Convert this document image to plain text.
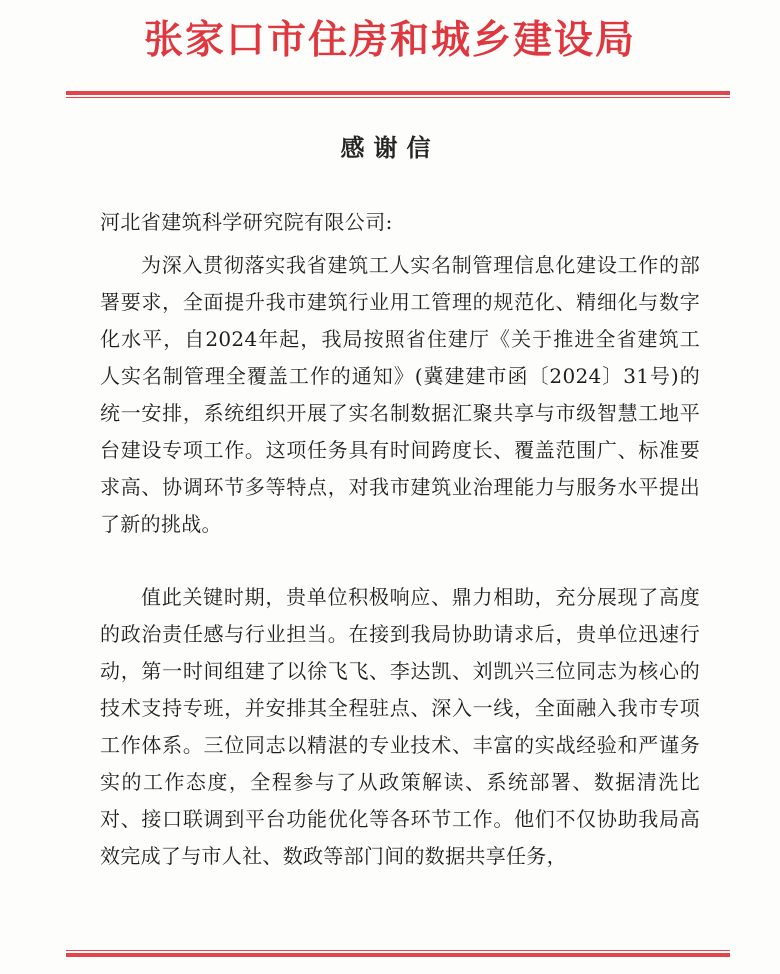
张家口市住房和城乡建设局
感谢信
河北省建筑科学研究院有限公司:

为深入贯彻落实我省建筑工人实名制管理信息化建设工作的部署要求，全面提升我市建筑行业用工管理的规范化、精细化与数字化水平，自2024年起，我局按照省住建厅《关于推进全省建筑工人实名制管理全覆盖工作的通知》(冀建建市函〔2024〕31号)的统一安排，系统组织开展了实名制数据汇聚共享与市级智慧工地平台建设专项工作。这项任务具有时间跨度长、覆盖范围广、标准要求高、协调环节多等特点，对我市建筑业治理能力与服务水平提出了新的挑战。

值此关键时期，贵单位积极响应、鼎力相助，充分展现了高度的政治责任感与行业担当。在接到我局协助请求后，贵单位迅速行动，第一时间组建了以徐飞飞、李达凯、刘凯兴三位同志为核心的技术支持专班，并安排其全程驻点、深入一线，全面融入我市专项工作体系。三位同志以精湛的专业技术、丰富的实战经验和严谨务实的工作态度，全程参与了从政策解读、系统部署、数据清洗比对、接口联调到平台功能优化等各环节工作。他们不仅协助我局高效完成了与市人社、数政等部门间的数据共享任务，
